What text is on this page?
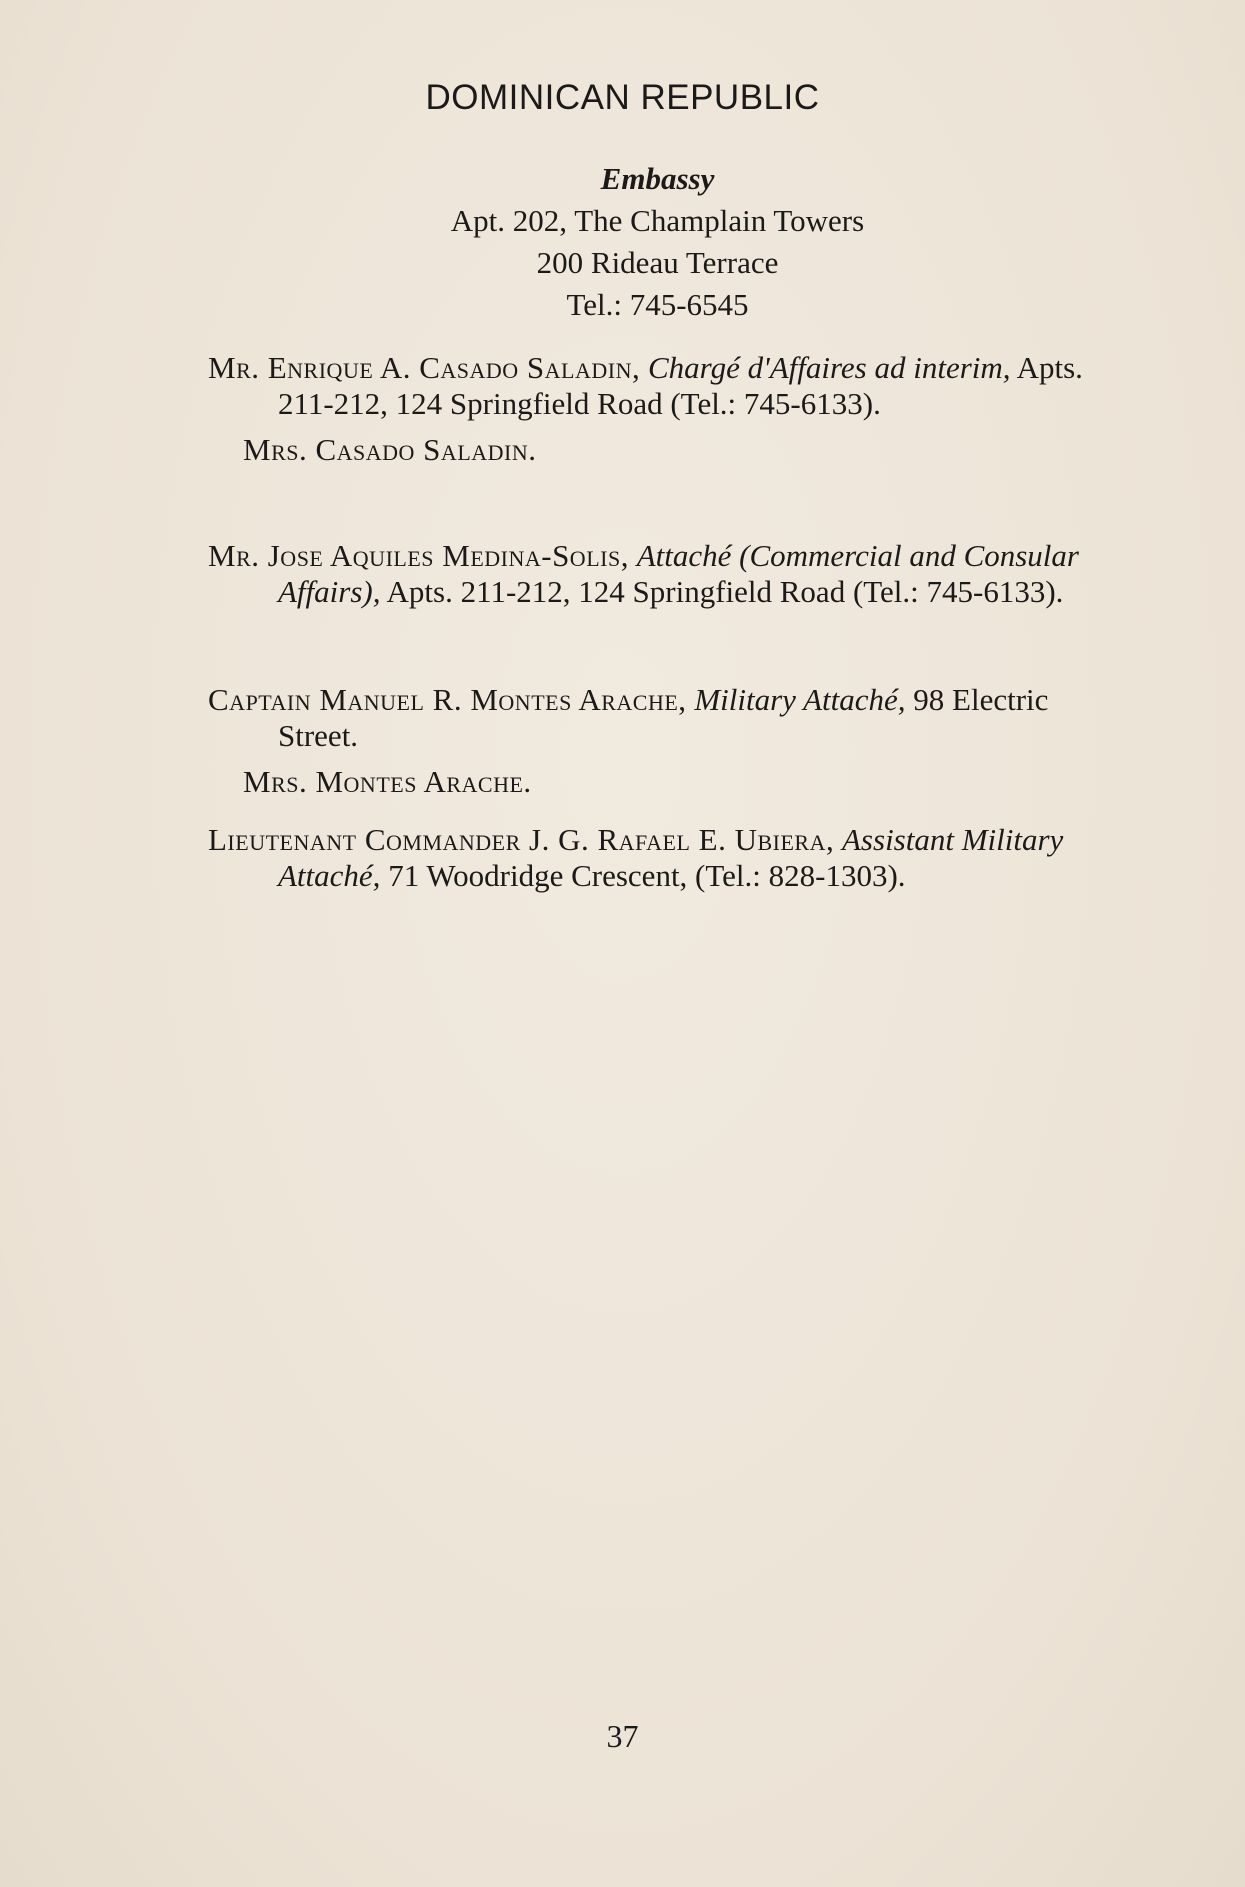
DOMINICAN REPUBLIC
Embassy
Apt. 202, The Champlain Towers
200 Rideau Terrace
Tel.: 745-6545

Mr. Enrique A. Casado Saladin, Chargé d'Affaires ad interim, Apts. 211-212, 124 Springfield Road (Tel.: 745-6133).

Mrs. Casado Saladin.

Mr. Jose Aquiles Medina-Solis, Attaché (Commercial and Consular Affairs), Apts. 211-212, 124 Springfield Road (Tel.: 745-6133).

Captain Manuel R. Montes Arache, Military Attaché, 98 Electric Street.

Mrs. Montes Arache.

Lieutenant Commander J. G. Rafael E. Ubiera, Assistant Military Attaché, 71 Woodridge Crescent, (Tel.: 828-1303).

37
